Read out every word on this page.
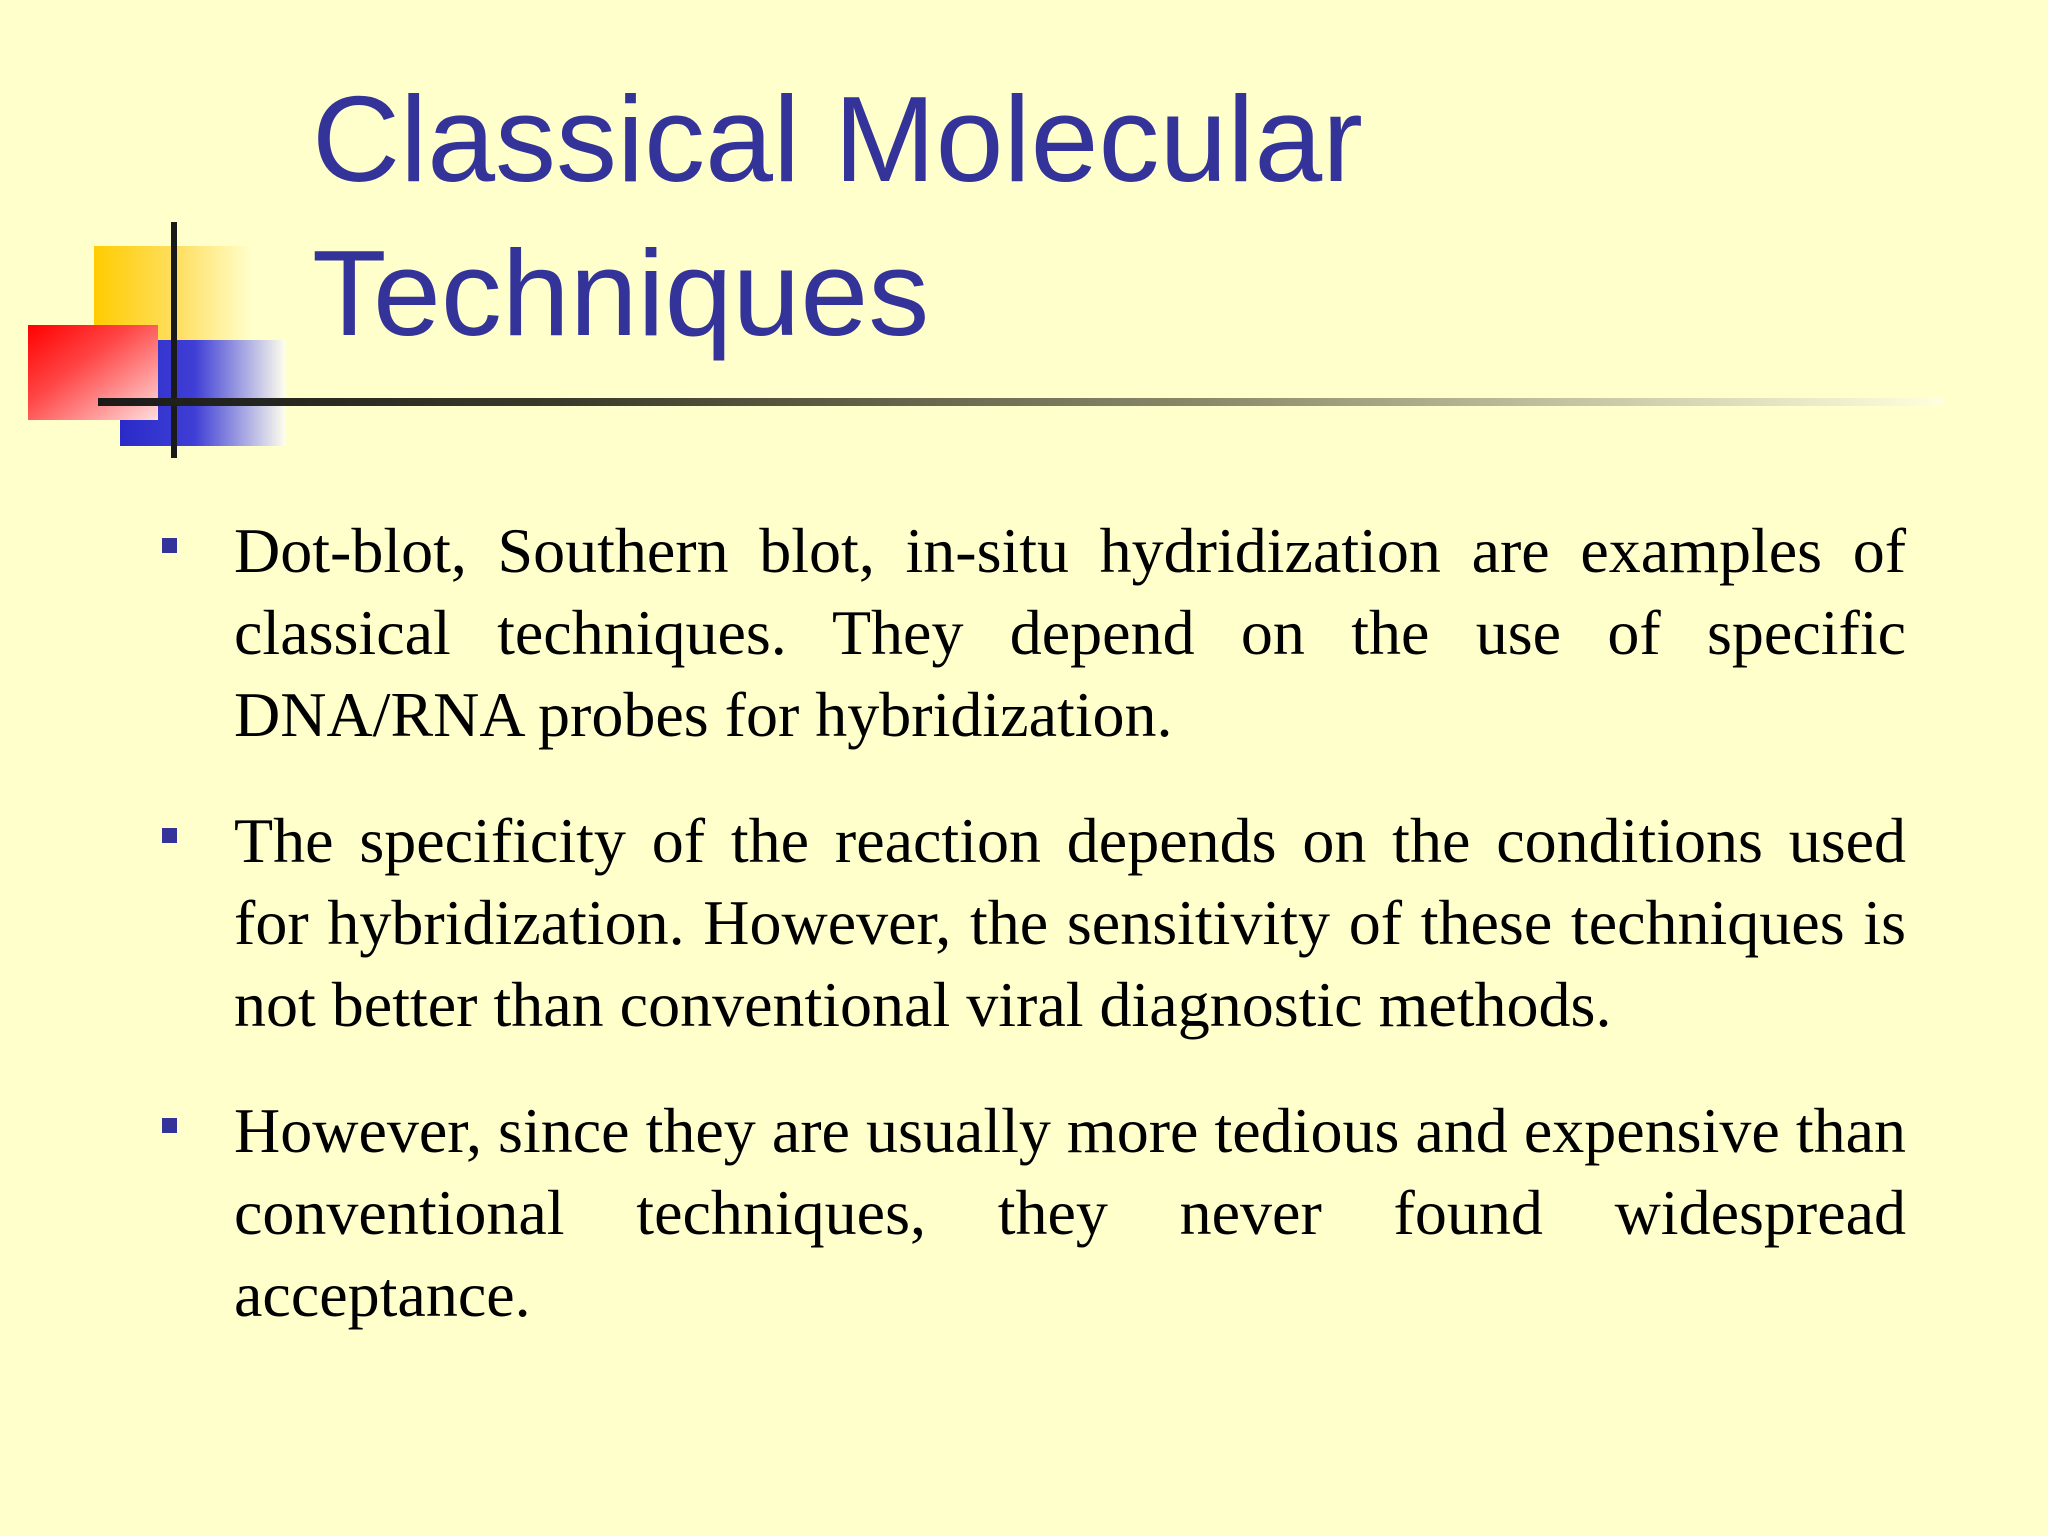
Classical Molecular
Techniques
Dot-blot, Southern blot, in-situ hydridization are examples of classical techniques. They depend on the use of specific DNA/RNA probes for hybridization.
The specificity of the reaction depends on the conditions used for hybridization. However, the sensitivity of these techniques is not better than conventional viral diagnostic methods.
However, since they are usually more tedious and expensive than conventional techniques, they never found widespread acceptance.
